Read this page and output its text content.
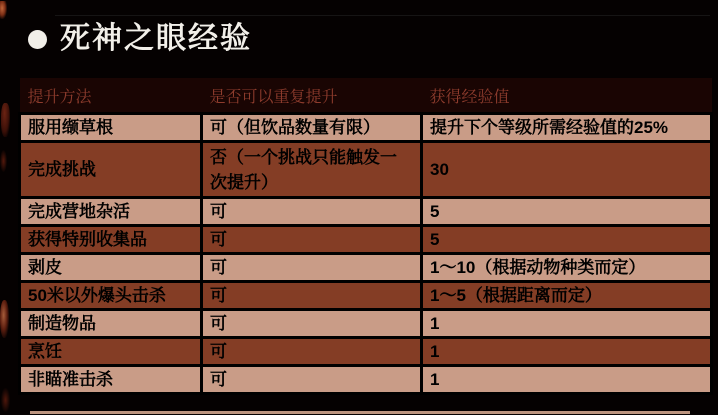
死神之眼经验
提升方法	是否可以重复提升	获得经验值
服用缬草根	可（但饮品数量有限）	提升下个等级所需经验值的25%
完成挑战	否（一个挑战只能触发一次提升）	30
完成营地杂活	可	5
获得特别收集品	可	5
剥皮	可	1～10（根据动物种类而定）
50米以外爆头击杀	可	1～5（根据距离而定）
制造物品	可	1
烹饪	可	1
非瞄准击杀	可	1
